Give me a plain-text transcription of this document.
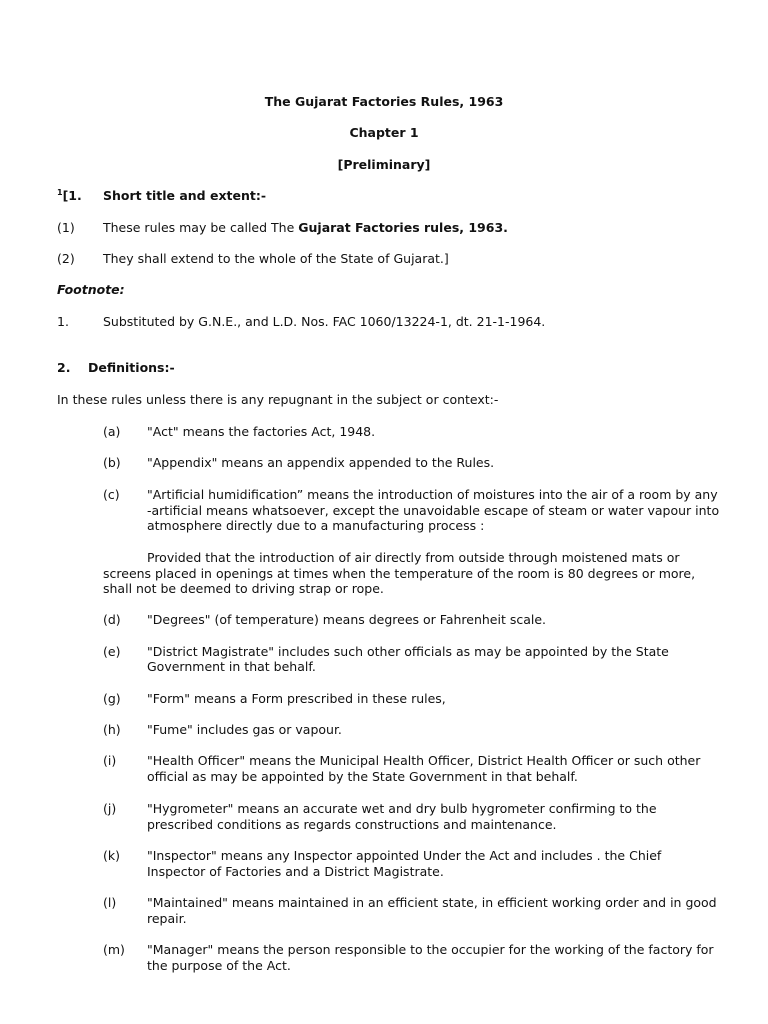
The Gujarat Factories Rules, 1963
Chapter 1
[Preliminary]
$^1$[1. Short title and extent:-
(1) These rules may be called The Gujarat Factories rules, 1963.
(2) They shall extend to the whole of the State of Gujarat.]
Footnote:
1.	Substituted by G.N.E., and L.D. Nos. FAC 1060/13224-1, dt. 21-1-1964.
2. Definitions:-
In these rules unless there is any repugnant in the subject or context:-
(a) "Act" means the factories Act, 1948.
(b) "Appendix" means an appendix appended to the Rules.
(c) "Artificial humidification” means the introduction of moistures into the air of a room by any
-artificial means whatsoever, except the unavoidable escape of steam or water vapour into
atmosphere directly due to a manufacturing process :
Provided that the introduction of air directly from outside through moistened mats or
screens placed in openings at times when the temperature of the room is 80 degrees or more,
shall not be deemed to driving strap or rope.
(d) "Degrees" (of temperature) means degrees or Fahrenheit scale.
(e) "District Magistrate" includes such other officials as may be appointed by the State
Government in that behalf.
(g) "Form" means a Form prescribed in these rules,
(h) "Fume" includes gas or vapour.
(i) "Health Officer" means the Municipal Health Officer, District Health Officer or such other
official as may be appointed by the State Government in that behalf.
(j) "Hygrometer" means an accurate wet and dry bulb hygrometer confirming to the
prescribed conditions as regards constructions and maintenance.
(k) "Inspector" means any Inspector appointed Under the Act and includes . the Chief
Inspector of Factories and a District Magistrate.
(l) "Maintained" means maintained in an efficient state, in efficient working order and in good
repair.
(m) "Manager" means the person responsible to the occupier for the working of the factory for
the purpose of the Act.
